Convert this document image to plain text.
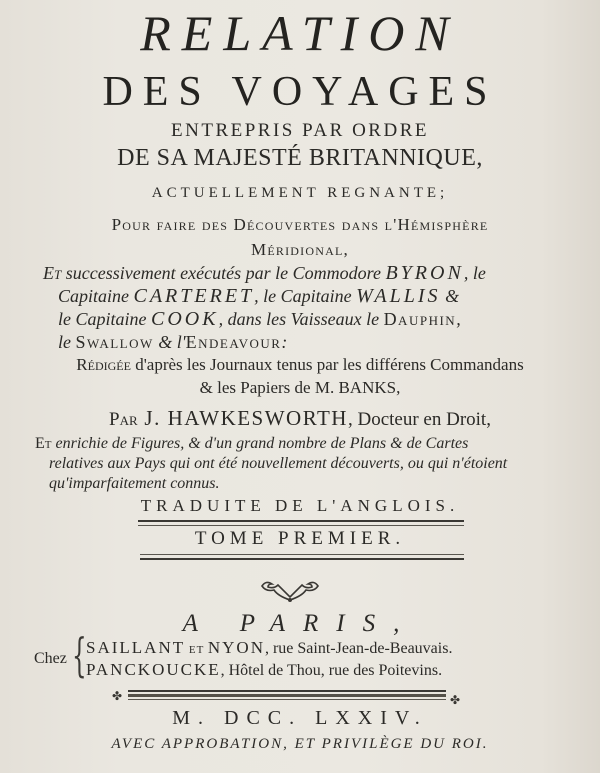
RELATION
DES VOYAGES
ENTREPRIS PAR ORDRE
DE SA MAJESTÉ BRITANNIQUE,
ACTUELLEMENT REGNANTE;
Pour faire des Découvertes dans l'Hémisphère
Méridional,
Et successivement exécutés par le Commodore BYRON, le
Capitaine CARTERET, le Capitaine WALLIS &
le Capitaine COOK, dans les Vaisseaux le Dauphin,
le Swallow & l'Endeavour:
Rédigée d'après les Journaux tenus par les différens Commandans
& les Papiers de M. BANKS,
Par J. HAWKESWORTH, Docteur en Droit,
Et enrichie de Figures, & d'un grand nombre de Plans & de Cartes
relatives aux Pays qui ont été nouvellement découverts, ou qui n'étoient
qu'imparfaitement connus.
TRADUITE DE L'ANGLOIS.
TOME PREMIER.
A PARIS,
Chez { SAILLANT ET NYON, rue Saint-Jean-de-Beauvais.
PANCKOUCKE, Hôtel de Thou, rue des Poitevins.
✤	✤
M. DCC. LXXIV.
AVEC APPROBATION, ET PRIVILÈGE DU ROI.
